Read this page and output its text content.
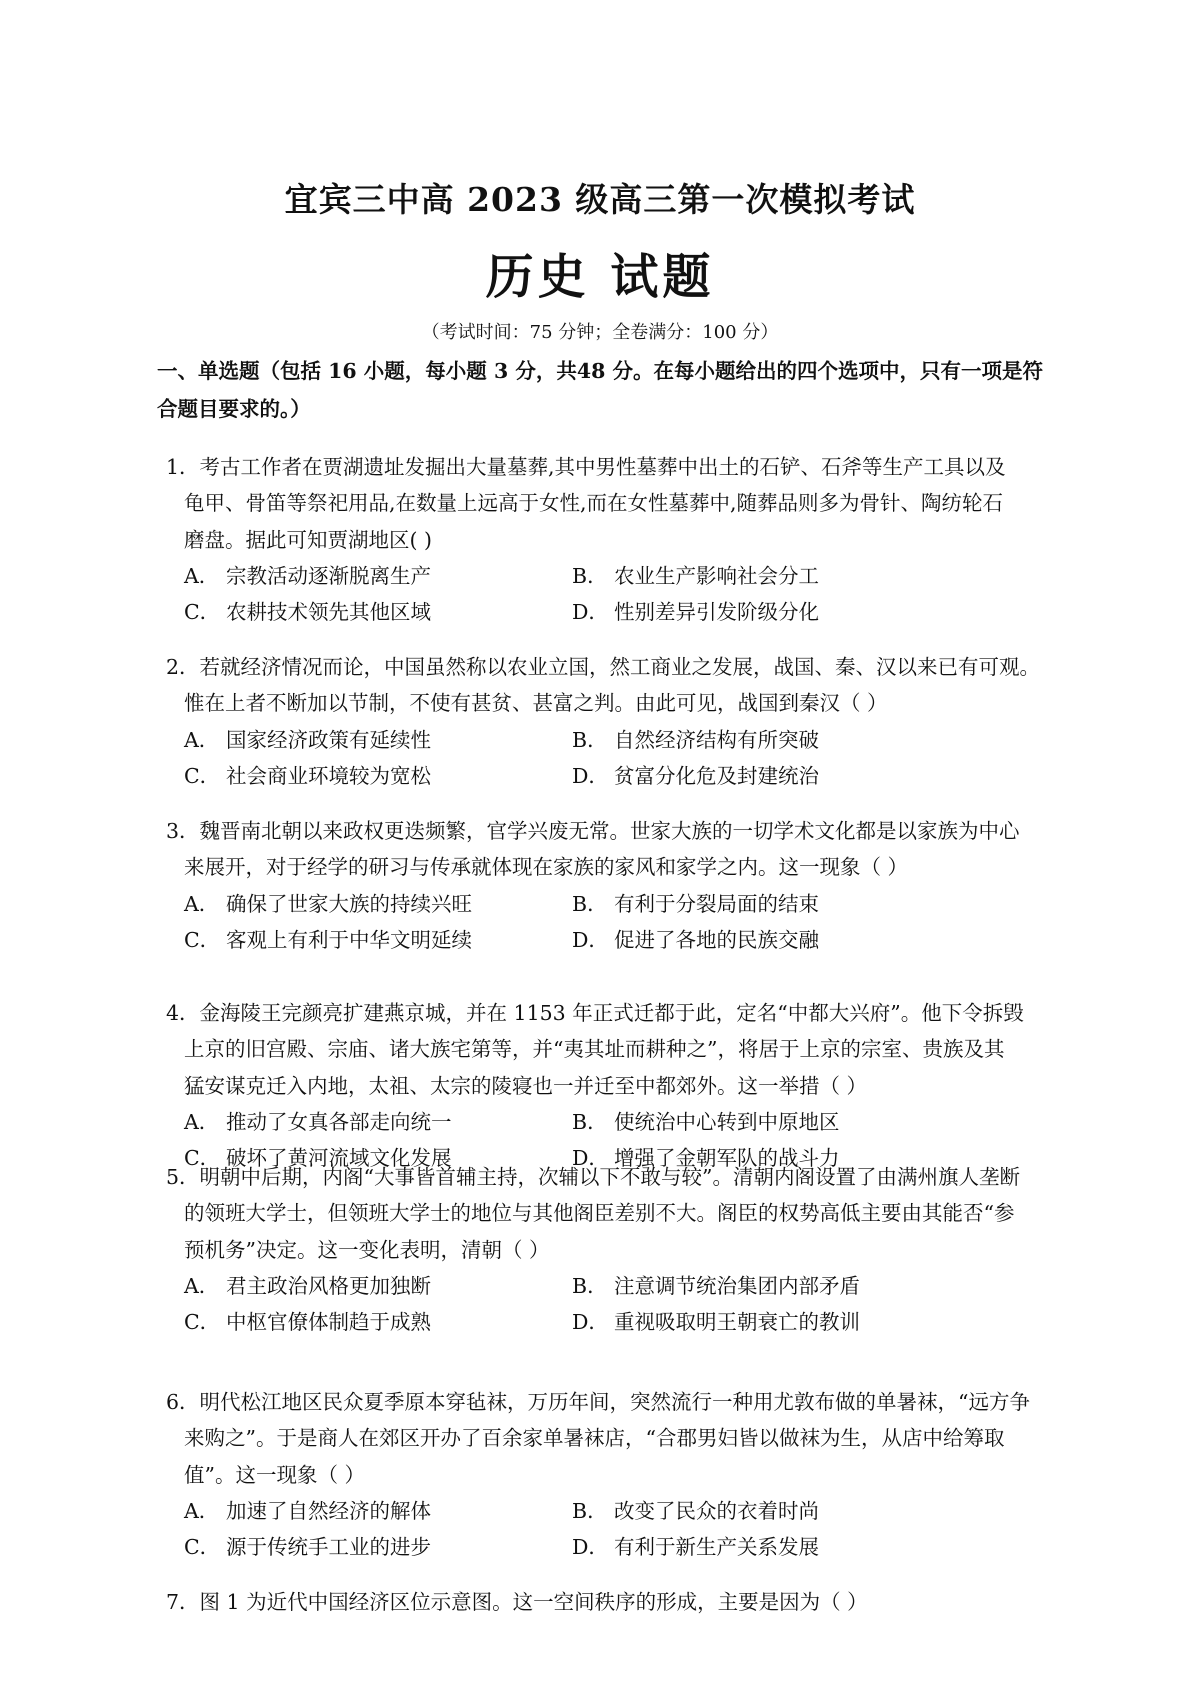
宜宾三中高 2023 级高三第一次模拟考试
历史 试题
（考试时间：75 分钟；全卷满分：100 分）
一、单选题（包括 16 小题，每小题 3 分，共48 分。在每小题给出的四个选项中，只有一项是符
合题目要求的。）
1．考古工作者在贾湖遗址发掘出大量墓葬,其中男性墓葬中出土的石铲、石斧等生产工具以及
龟甲、骨笛等祭祀用品,在数量上远高于女性,而在女性墓葬中,随葬品则多为骨针、陶纺轮石
磨盘。据此可知贾湖地区( )
A． 宗教活动逐渐脱离生产	B． 农业生产影响社会分工
C． 农耕技术领先其他区域	D． 性别差异引发阶级分化
2．若就经济情况而论，中国虽然称以农业立国，然工商业之发展，战国、秦、汉以来已有可观。
惟在上者不断加以节制，不使有甚贫、甚富之判。由此可见，战国到秦汉（ ）
A． 国家经济政策有延续性	B． 自然经济结构有所突破
C． 社会商业环境较为宽松	D． 贫富分化危及封建统治
3．魏晋南北朝以来政权更迭频繁，官学兴废无常。世家大族的一切学术文化都是以家族为中心
来展开，对于经学的研习与传承就体现在家族的家风和家学之内。这一现象（ ）
A． 确保了世家大族的持续兴旺	B． 有利于分裂局面的结束
C． 客观上有利于中华文明延续	D． 促进了各地的民族交融
4．金海陵王完颜亮扩建燕京城，并在 1153 年正式迁都于此，定名“中都大兴府”。他下令拆毁
上京的旧宫殿、宗庙、诸大族宅第等，并“夷其址而耕种之”，将居于上京的宗室、贵族及其
猛安谋克迁入内地，太祖、太宗的陵寝也一并迁至中都郊外。这一举措（ ）
A． 推动了女真各部走向统一	B． 使统治中心转到中原地区
C． 破坏了黄河流域文化发展	D． 增强了金朝军队的战斗力
5．明朝中后期，内阁“大事皆首辅主持，次辅以下不敢与较”。清朝内阁设置了由满州旗人垄断
的领班大学士，但领班大学士的地位与其他阁臣差别不大。阁臣的权势高低主要由其能否“参
预机务”决定。这一变化表明，清朝（ ）
A． 君主政治风格更加独断	B． 注意调节统治集团内部矛盾
C． 中枢官僚体制趋于成熟	D． 重视吸取明王朝衰亡的教训
6．明代松江地区民众夏季原本穿毡袜，万历年间，突然流行一种用尤敦布做的单暑袜，“远方争
来购之”。于是商人在郊区开办了百余家单暑袜店，“合郡男妇皆以做袜为生，从店中给筹取
值”。这一现象（ ）
A． 加速了自然经济的解体	B． 改变了民众的衣着时尚
C． 源于传统手工业的进步	D． 有利于新生产关系发展
7．图 1 为近代中国经济区位示意图。这一空间秩序的形成，主要是因为（ ）
